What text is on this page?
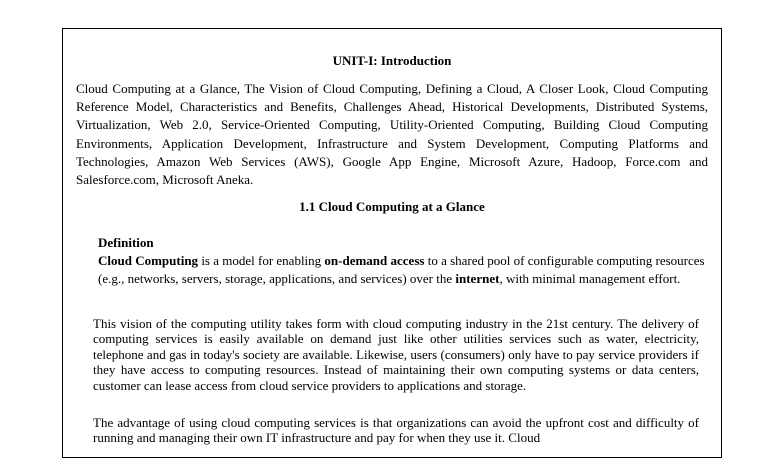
UNIT-I: Introduction
Cloud Computing at a Glance, The Vision of Cloud Computing, Defining a Cloud, A Closer Look, Cloud Computing Reference Model, Characteristics and Benefits, Challenges Ahead, Historical Developments, Distributed Systems, Virtualization, Web 2.0, Service-Oriented Computing, Utility-Oriented Computing, Building Cloud Computing Environments, Application Development, Infrastructure and System Development, Computing Platforms and Technologies, Amazon Web Services (AWS), Google App Engine, Microsoft Azure, Hadoop, Force.com and Salesforce.com, Microsoft Aneka.
1.1 Cloud Computing at a Glance
Definition
Cloud Computing is a model for enabling on-demand access to a shared pool of configurable computing resources (e.g., networks, servers, storage, applications, and services) over the internet, with minimal management effort.
This vision of the computing utility takes form with cloud computing industry in the 21st century. The delivery of computing services is easily available on demand just like other utilities services such as water, electricity, telephone and gas in today's society are available. Likewise, users (consumers) only have to pay service providers if they have access to computing resources. Instead of maintaining their own computing systems or data centers, customer can lease access from cloud service providers to applications and storage.
The advantage of using cloud computing services is that organizations can avoid the upfront cost and difficulty of running and managing their own IT infrastructure and pay for when they use it. Cloud
